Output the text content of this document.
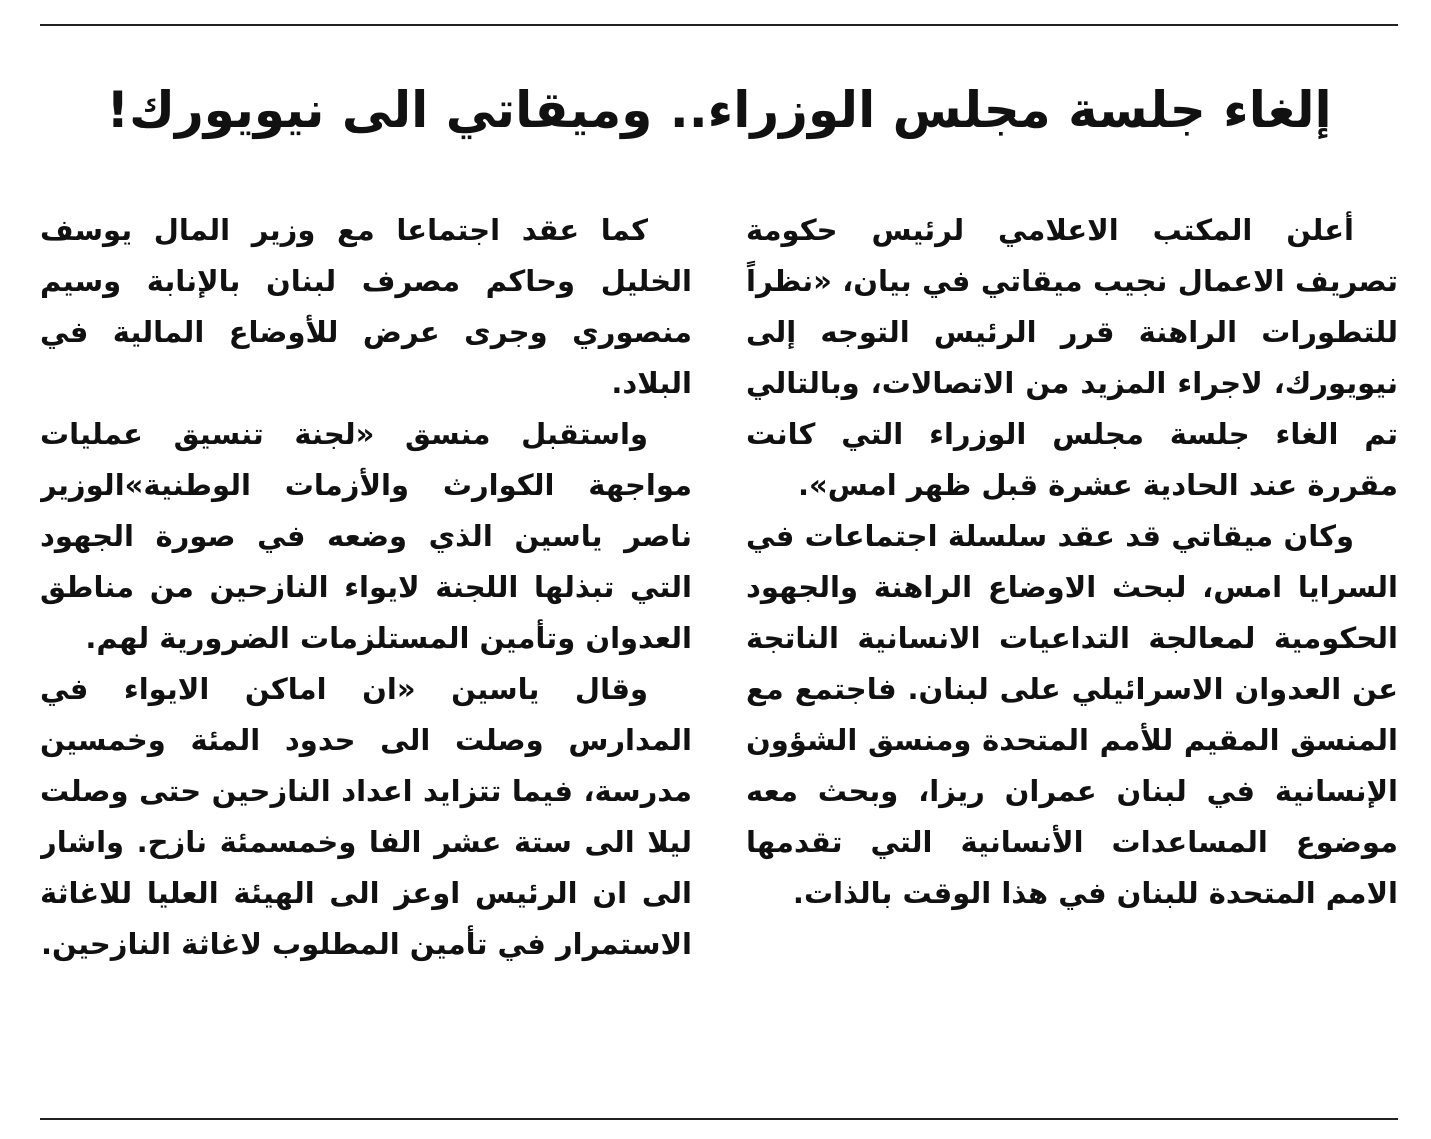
إلغاء جلسة مجلس الوزراء.. وميقاتي الى نيويورك!

أعلن المكتب الاعلامي لرئيس حكومة تصريف الاعمال نجيب ميقاتي في بيان، «نظراً للتطورات الراهنة قرر الرئيس التوجه إلى نيويورك، لاجراء المزيد من الاتصالات، وبالتالي تم الغاء جلسة مجلس الوزراء التي كانت مقررة عند الحادية عشرة قبل ظهر امس».

وكان ميقاتي قد عقد سلسلة اجتماعات في السرايا امس، لبحث الاوضاع الراهنة والجهود الحكومية لمعالجة التداعيات الانسانية الناتجة عن العدوان الاسرائيلي على لبنان. فاجتمع مع المنسق المقيم للأمم المتحدة ومنسق الشؤون الإنسانية في لبنان عمران ريزا، وبحث معه موضوع المساعدات الأنسانية التي تقدمها الامم المتحدة للبنان في هذا الوقت بالذات.

كما عقد اجتماعا مع وزير المال يوسف الخليل وحاكم مصرف لبنان بالإنابة وسيم منصوري وجرى عرض للأوضاع المالية في البلاد.

واستقبل منسق «لجنة تنسيق عمليات مواجهة الكوارث والأزمات الوطنية»الوزير ناصر ياسين الذي وضعه في صورة الجهود التي تبذلها اللجنة لايواء النازحين من مناطق العدوان وتأمين المستلزمات الضرورية لهم.

وقال ياسين «ان اماكن الايواء في المدارس وصلت الى حدود المئة وخمسين مدرسة، فيما تتزايد اعداد النازحين حتى وصلت ليلا الى ستة عشر الفا وخمسمئة نازح. واشار الى ان الرئيس اوعز الى الهيئة العليا للاغاثة الاستمرار في تأمين المطلوب لاغاثة النازحين.
